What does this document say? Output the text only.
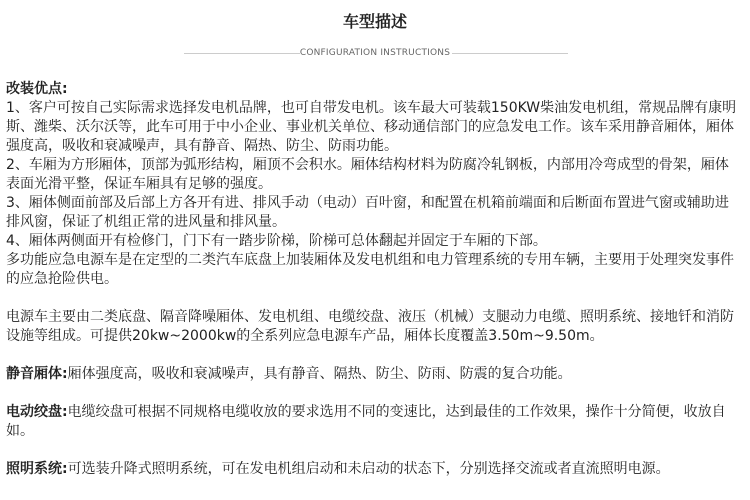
车型描述
CONFIGURATION INSTRUCTIONS

改装优点:

1、客户可按自己实际需求选择发电机品牌，也可自带发电机。该车最大可装载150KW柴油发电机组，常规品牌有康明斯、潍柴、沃尔沃等，此车可用于中小企业、事业机关单位、移动通信部门的应急发电工作。该车采用静音厢体，厢体强度高，吸收和衰减噪声，具有静音、隔热、防尘、防雨功能。

2、车厢为方形厢体，顶部为弧形结构，厢顶不会积水。厢体结构材料为防腐冷轧钢板，内部用冷弯成型的骨架，厢体表面光滑平整，保证车厢具有足够的强度。

3、厢体侧面前部及后部上方各开有进、排风手动（电动）百叶窗，和配置在机箱前端面和后断面布置进气窗或辅助进排风窗，保证了机组正常的进风量和排风量。

4、厢体两侧面开有检修门，门下有一踏步阶梯，阶梯可总体翻起并固定于车厢的下部。

多功能应急电源车是在定型的二类汽车底盘上加装厢体及发电机组和电力管理系统的专用车辆，主要用于处理突发事件的应急抢险供电。

电源车主要由二类底盘、隔音降噪厢体、发电机组、电缆绞盘、液压（机械）支腿动力电缆、照明系统、接地钎和消防设施等组成。可提供20kw~2000kw的全系列应急电源车产品，厢体长度覆盖3.50m~9.50m。

静音厢体:厢体强度高，吸收和衰减噪声，具有静音、隔热、防尘、防雨、防震的复合功能。

电动绞盘:电缆绞盘可根据不同规格电缆收放的要求选用不同的变速比，达到最佳的工作效果，操作十分简便，收放自如。

照明系统:可选装升降式照明系统，可在发电机组启动和未启动的状态下，分别选择交流或者直流照明电源。
